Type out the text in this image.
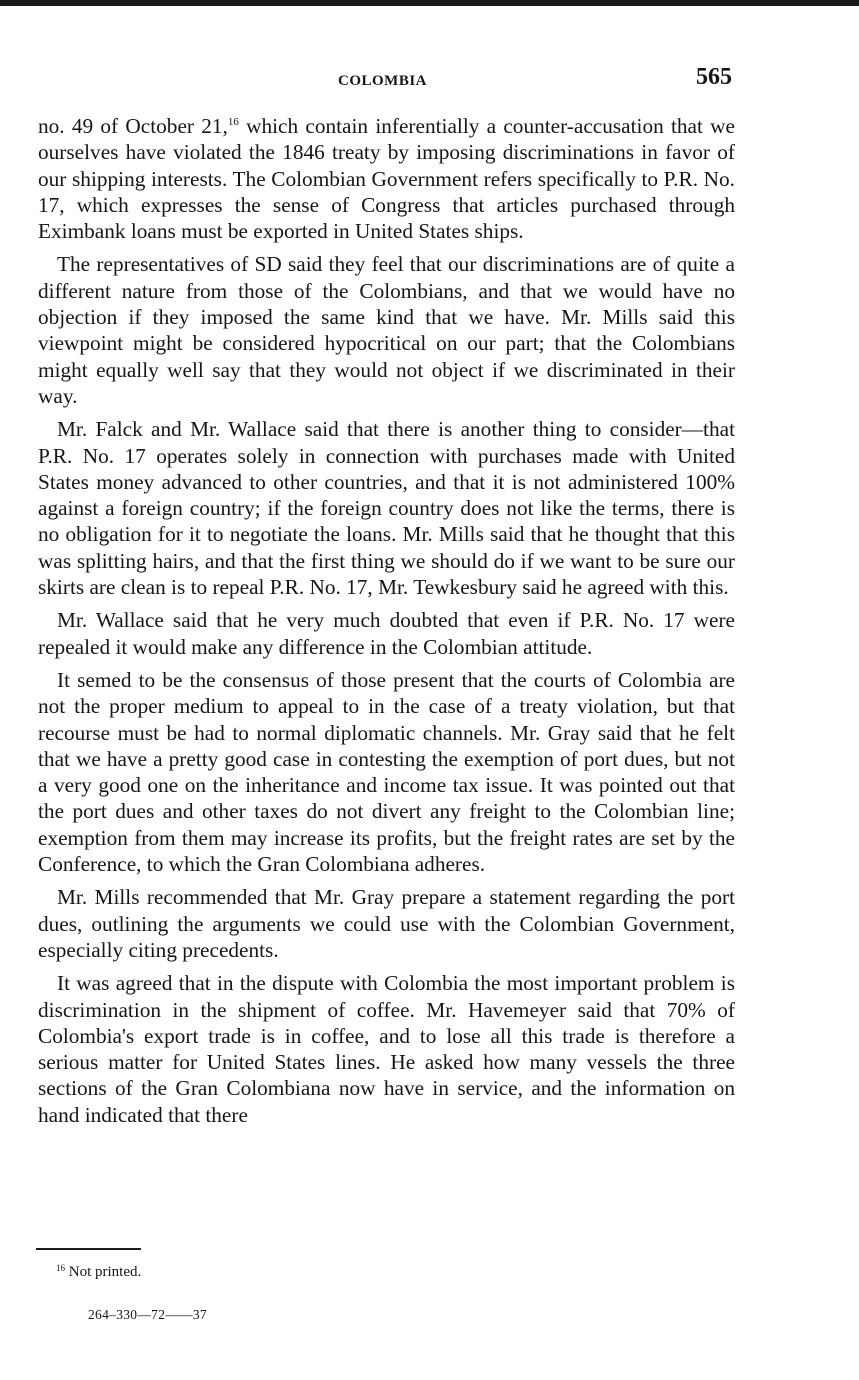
COLOMBIA	565

no. 49 of October 21,16 which contain inferentially a counter-accusation that we ourselves have violated the 1846 treaty by imposing discriminations in favor of our shipping interests. The Colombian Government refers specifically to P.R. No. 17, which expresses the sense of Congress that articles purchased through Eximbank loans must be exported in United States ships.

The representatives of SD said they feel that our discriminations are of quite a different nature from those of the Colombians, and that we would have no objection if they imposed the same kind that we have. Mr. Mills said this viewpoint might be considered hypocritical on our part; that the Colombians might equally well say that they would not object if we discriminated in their way.

Mr. Falck and Mr. Wallace said that there is another thing to consider—that P.R. No. 17 operates solely in connection with purchases made with United States money advanced to other countries, and that it is not administered 100% against a foreign country; if the foreign country does not like the terms, there is no obligation for it to negotiate the loans. Mr. Mills said that he thought that this was splitting hairs, and that the first thing we should do if we want to be sure our skirts are clean is to repeal P.R. No. 17, Mr. Tewkesbury said he agreed with this.

Mr. Wallace said that he very much doubted that even if P.R. No. 17 were repealed it would make any difference in the Colombian attitude.

It semed to be the consensus of those present that the courts of Colombia are not the proper medium to appeal to in the case of a treaty violation, but that recourse must be had to normal diplomatic channels. Mr. Gray said that he felt that we have a pretty good case in contesting the exemption of port dues, but not a very good one on the inheritance and income tax issue. It was pointed out that the port dues and other taxes do not divert any freight to the Colombian line; exemption from them may increase its profits, but the freight rates are set by the Conference, to which the Gran Colombiana adheres.

Mr. Mills recommended that Mr. Gray prepare a statement regarding the port dues, outlining the arguments we could use with the Colombian Government, especially citing precedents.

It was agreed that in the dispute with Colombia the most important problem is discrimination in the shipment of coffee. Mr. Havemeyer said that 70% of Colombia's export trade is in coffee, and to lose all this trade is therefore a serious matter for United States lines. He asked how many vessels the three sections of the Gran Colombiana now have in service, and the information on hand indicated that there

$^{16}$ Not printed.
264–330—72——37
